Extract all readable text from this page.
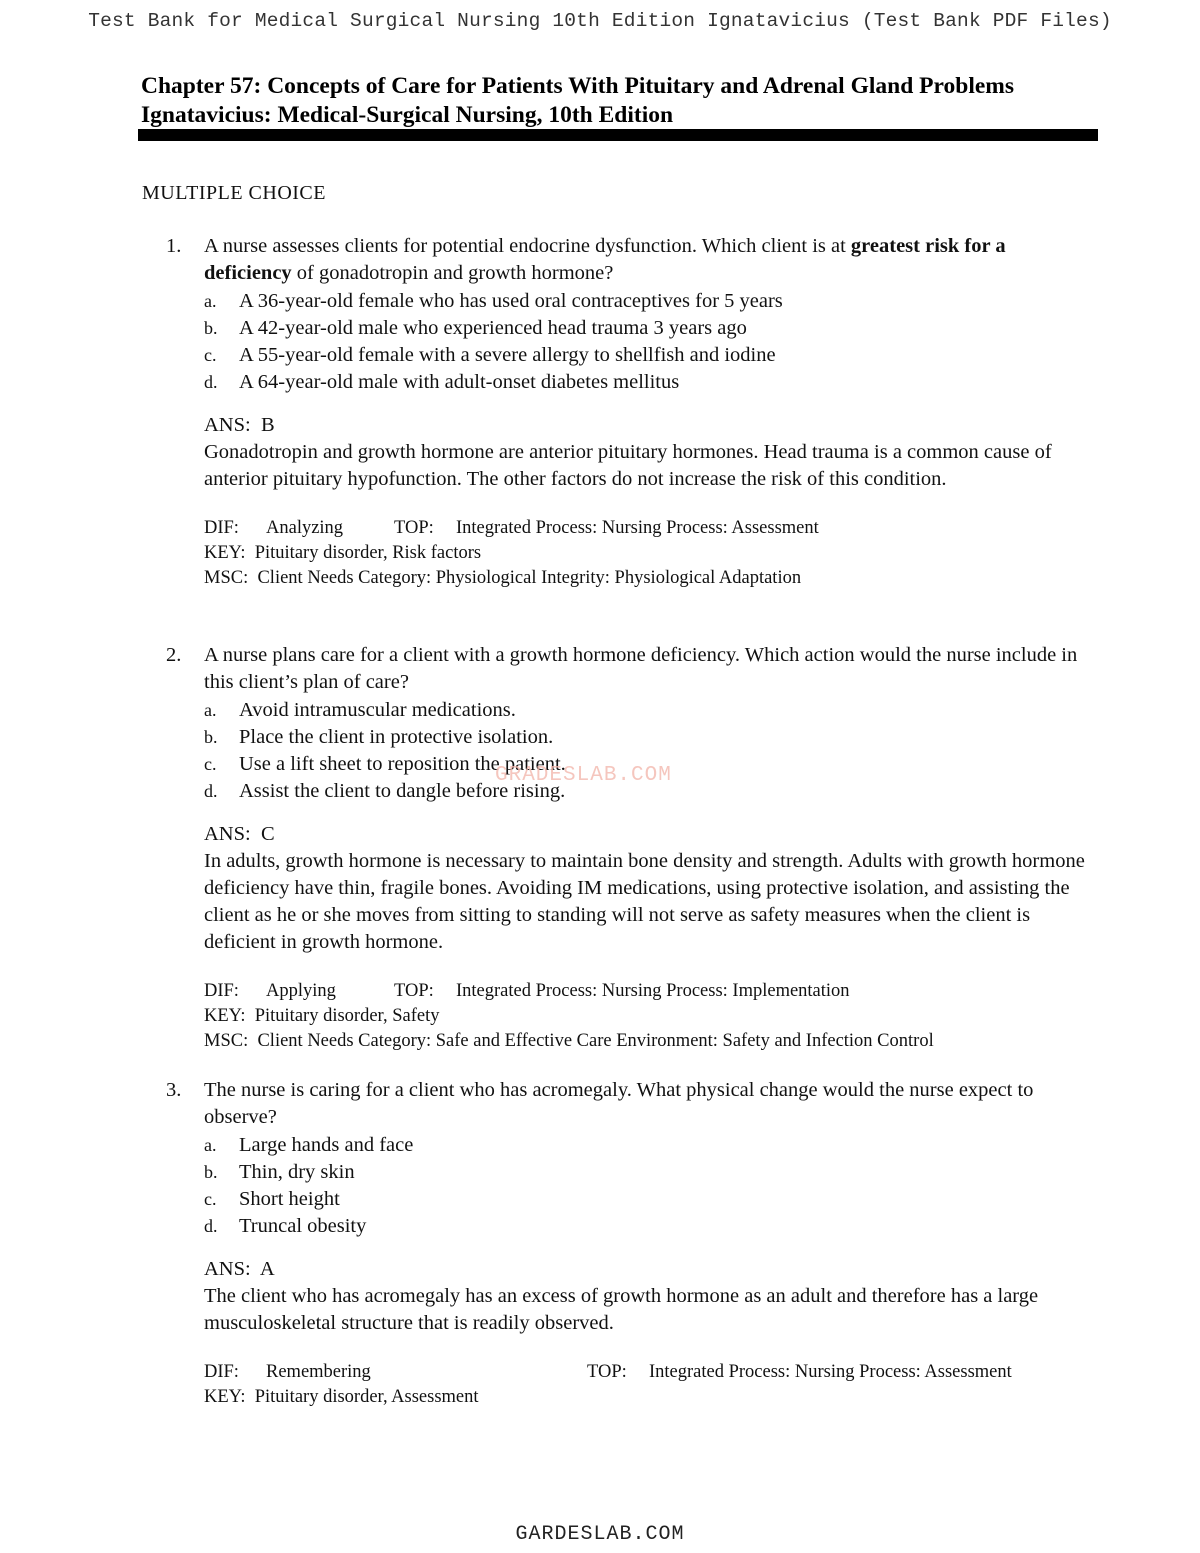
Test Bank for Medical Surgical Nursing 10th Edition Ignatavicius (Test Bank PDF Files)
Chapter 57: Concepts of Care for Patients With Pituitary and Adrenal Gland Problems
Ignatavicius: Medical-Surgical Nursing, 10th Edition
MULTIPLE CHOICE
1.	A nurse assesses clients for potential endocrine dysfunction. Which client is at greatest risk for a deficiency of gonadotropin and growth hormone?
a. A 36-year-old female who has used oral contraceptives for 5 years
b. A 42-year-old male who experienced head trauma 3 years ago
c. A 55-year-old female with a severe allergy to shellfish and iodine
d. A 64-year-old male with adult-onset diabetes mellitus
ANS: B
Gonadotropin and growth hormone are anterior pituitary hormones. Head trauma is a common cause of anterior pituitary hypofunction. The other factors do not increase the risk of this condition.
DIF: Analyzing	TOP: Integrated Process: Nursing Process: Assessment
KEY: Pituitary disorder, Risk factors
MSC: Client Needs Category: Physiological Integrity: Physiological Adaptation
2.	A nurse plans care for a client with a growth hormone deficiency. Which action would the nurse include in this client’s plan of care?
a. Avoid intramuscular medications.
b. Place the client in protective isolation.
c. Use a lift sheet to reposition the patient.
d. Assist the client to dangle before rising.
ANS: C
In adults, growth hormone is necessary to maintain bone density and strength. Adults with growth hormone deficiency have thin, fragile bones. Avoiding IM medications, using protective isolation, and assisting the client as he or she moves from sitting to standing will not serve as safety measures when the client is deficient in growth hormone.
DIF: Applying	TOP: Integrated Process: Nursing Process: Implementation
KEY: Pituitary disorder, Safety
MSC: Client Needs Category: Safe and Effective Care Environment: Safety and Infection Control
3.	The nurse is caring for a client who has acromegaly. What physical change would the nurse expect to observe?
a. Large hands and face
b. Thin, dry skin
c. Short height
d. Truncal obesity
ANS: A
The client who has acromegaly has an excess of growth hormone as an adult and therefore has a large musculoskeletal structure that is readily observed.
DIF: Remembering	TOP: Integrated Process: Nursing Process: Assessment
KEY: Pituitary disorder, Assessment
GRADESLAB.COM
GARDESLAB.COM
